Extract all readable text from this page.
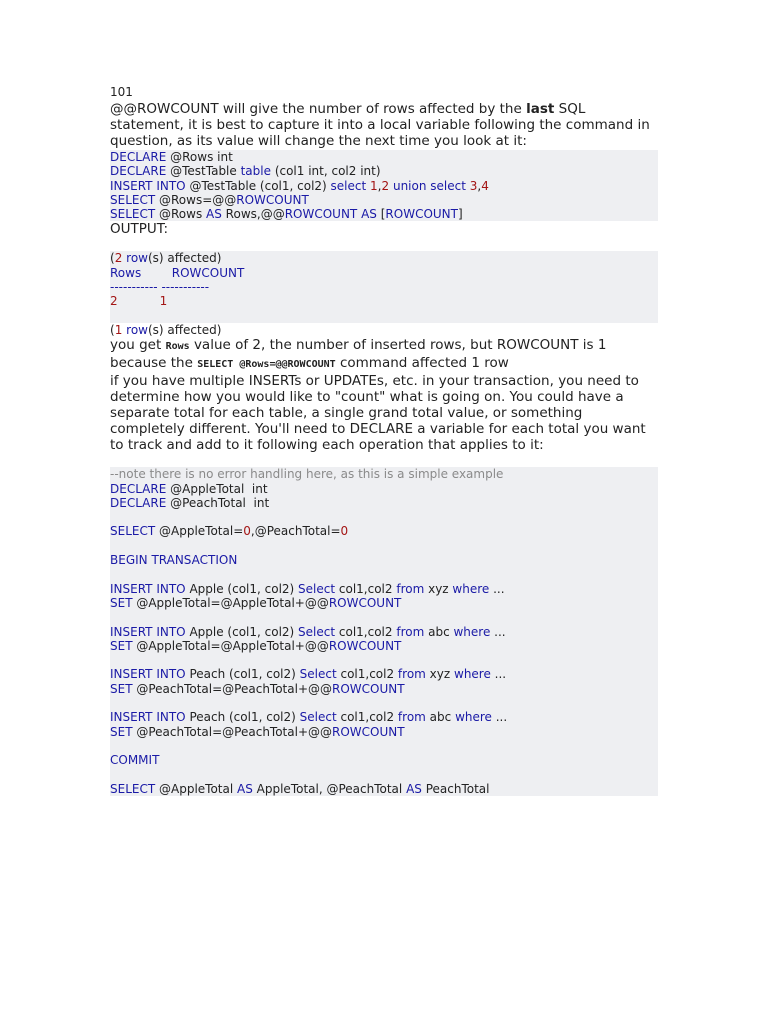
101

@@ROWCOUNT will give the number of rows affected by the last SQL statement, it is best to capture it into a local variable following the command in question, as its value will change the next time you look at it:

DECLARE @Rows int
DECLARE @TestTable table (col1 int, col2 int)
INSERT INTO @TestTable (col1, col2) select 1,2 union select 3,4
SELECT @Rows=@@ROWCOUNT
SELECT @Rows AS Rows,@@ROWCOUNT AS [ROWCOUNT]

OUTPUT:

(2 row(s) affected)
Rows	ROWCOUNT
----------- -----------
2	1
(1 row(s) affected)

you get Rows value of 2, the number of inserted rows, but ROWCOUNT is 1 because the SELECT @Rows=@@ROWCOUNT command affected 1 row

if you have multiple INSERTs or UPDATEs, etc. in your transaction, you need to determine how you would like to "count" what is going on. You could have a separate total for each table, a single grand total value, or something completely different. You'll need to DECLARE a variable for each total you want to track and add to it following each operation that applies to it:

--note there is no error handling here, as this is a simple example
DECLARE @AppleTotal  int
DECLARE @PeachTotal  int
SELECT @AppleTotal=0,@PeachTotal=0
BEGIN TRANSACTION
INSERT INTO Apple (col1, col2) Select col1,col2 from xyz where ...
SET @AppleTotal=@AppleTotal+@@ROWCOUNT
INSERT INTO Apple (col1, col2) Select col1,col2 from abc where ...
SET @AppleTotal=@AppleTotal+@@ROWCOUNT
INSERT INTO Peach (col1, col2) Select col1,col2 from xyz where ...
SET @PeachTotal=@PeachTotal+@@ROWCOUNT
INSERT INTO Peach (col1, col2) Select col1,col2 from abc where ...
SET @PeachTotal=@PeachTotal+@@ROWCOUNT
COMMIT
SELECT @AppleTotal AS AppleTotal, @PeachTotal AS PeachTotal
